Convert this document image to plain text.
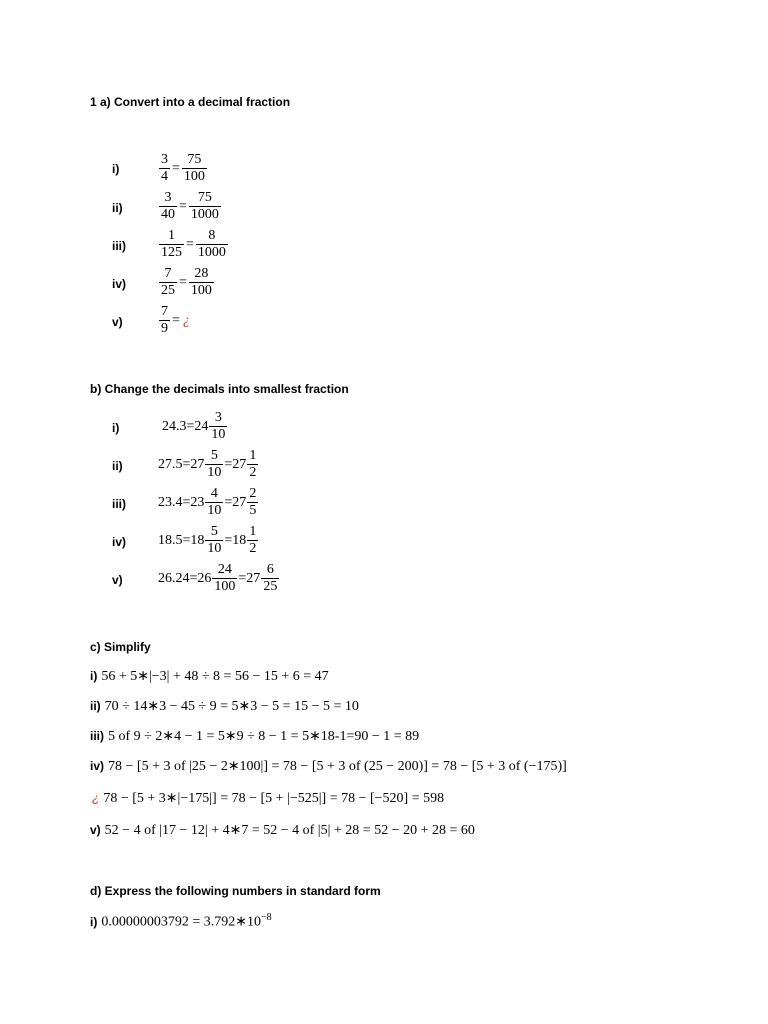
1 a) Convert into a decimal fraction
b) Change the decimals into smallest fraction
c) Simplify
d) Express the following numbers in standard form
i)	$\frac{3}{4} = \frac{75}{100}$
ii)	$\frac{3}{40} = \frac{75}{1000}$
$iii) \frac{1}{125} = \frac{8}{1000}$
$iv) \frac{7}{25} = \frac{28}{100}$
v)	$\frac{7}{9}$ = ¿
i)	$24.3=24 \frac{3}{10}$
ii)	$27.5=27 \frac{5}{10} =27 \frac{1}{2}$
iii) $23.4=23 \frac{4}{10} =27 \frac{2}{5}$
iv) $18.5=18 \frac{5}{10} =18 \frac{1}{2}$
v)	$26.24=26 \frac{24}{100} =27 \frac{6}{25}$
i) 56 + 5∗|−3| + 48 ÷ 8 = 56 − 15 + 6 = 47
ii) 70 ÷ 14∗3 − 45 ÷ 9 = 5∗3 − 5 = 15 − 5 = 10
iii) 5 of 9 ÷ 2∗4 − 1 = 5∗9 ÷ 8 − 1 = 5∗18-1=90 − 1 = 89
iv) 78 − [5 + 3 of |25 − 2∗100|] = 78 − [5 + 3 of (25 − 200)] = 78 − [5 + 3 of (−175)]
¿ 78 − [5 + 3∗|−175|] = 78 − [5 + |−525|] = 78 − [−520] = 598
v) 52 − 4 of |17 − 12| + 4∗7 = 52 − 4 of |5| + 28 = 52 − 20 + 28 = 60
i) $0.00000003792 = 3.792∗10^{-8}$
